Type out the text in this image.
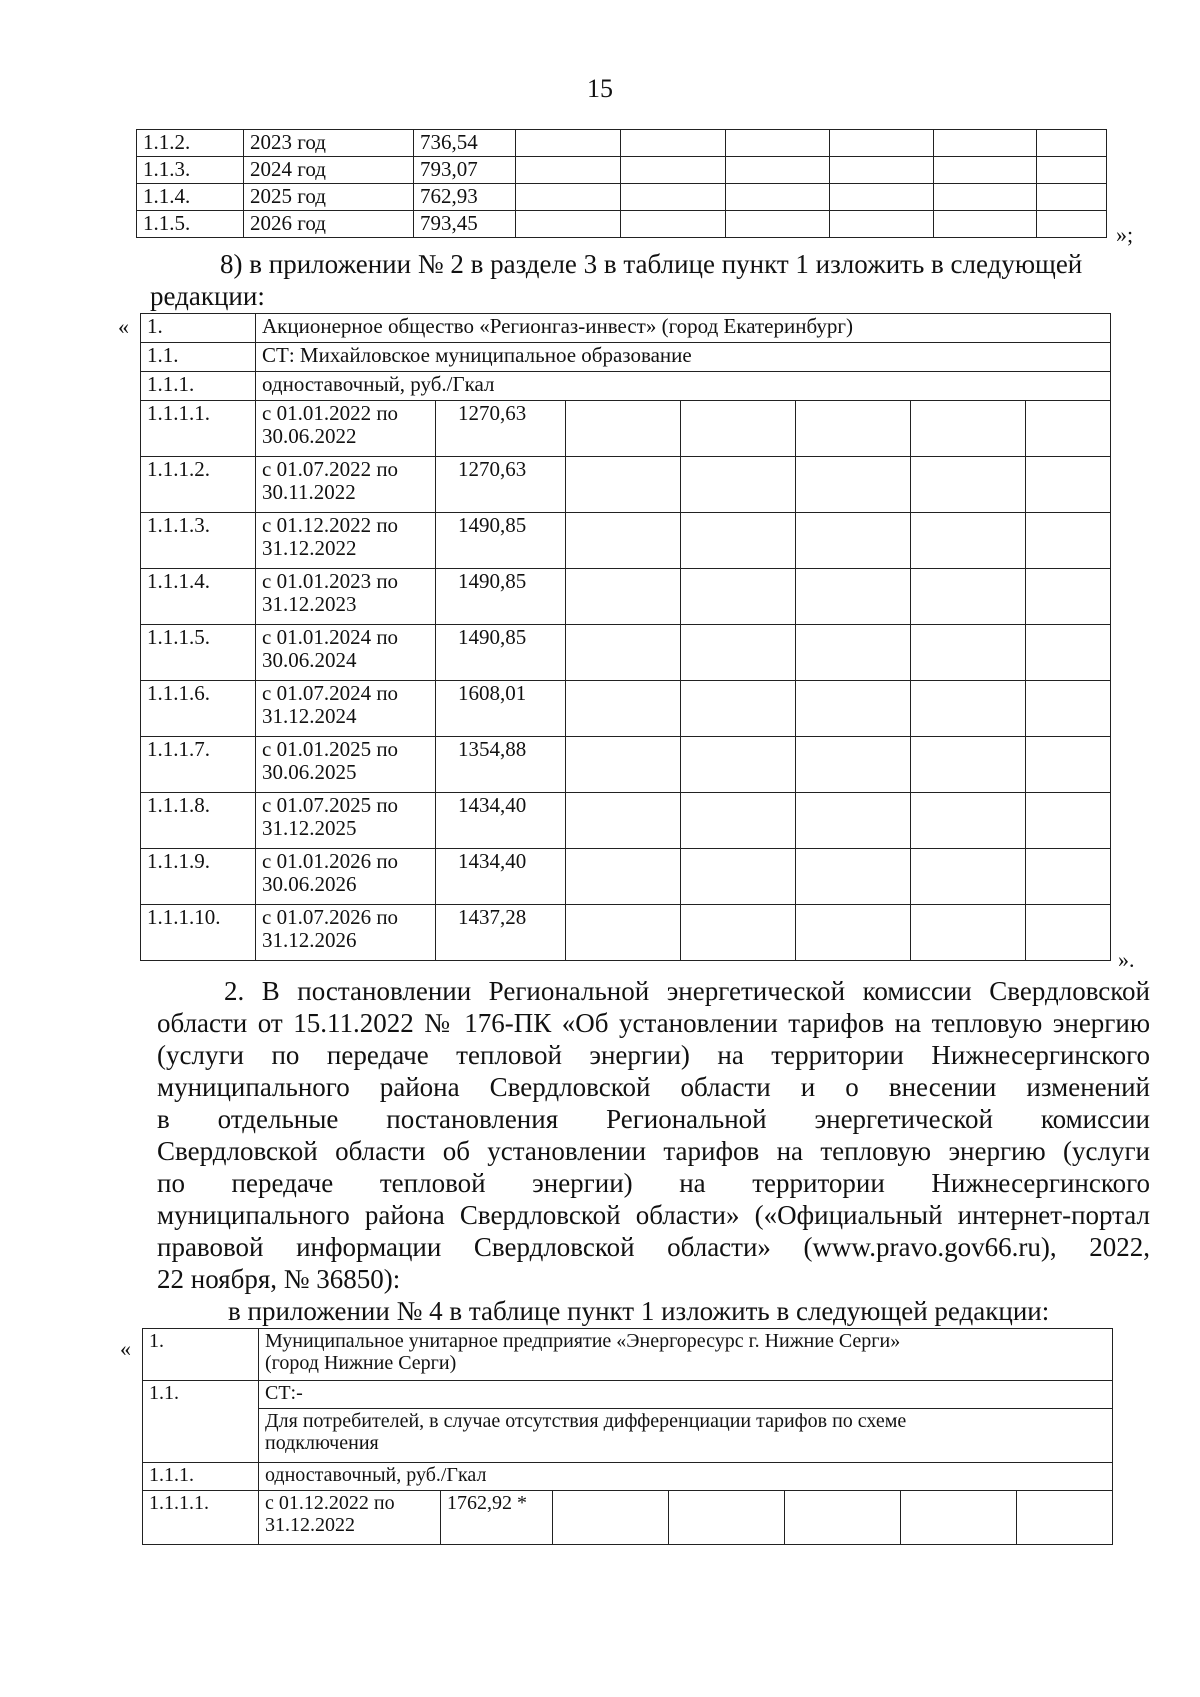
15
1.1.2.	2023 год	736,54						
1.1.3.	2024 год	793,07						
1.1.4.	2025 год	762,93						
1.1.5.	2026 год	793,45							»;

8) в приложении № 2 в разделе 3 в таблице пункт 1 изложить в следующей

редакции:

« 1.	Акционерное общество «Регионгаз-инвест» (город Екатеринбург)						
1.1.	СТ: Михайловское муниципальное образование						
1.1.1.	одноставочный, руб./Гкал						
1.1.1.1.	с 01.01.2022 по
30.06.2022	1270,63					
1.1.1.2.	с 01.07.2022 по
30.11.2022	1270,63					
1.1.1.3.	с 01.12.2022 по
31.12.2022	1490,85					
1.1.1.4.	с 01.01.2023 по
31.12.2023	1490,85					
1.1.1.5.	с 01.01.2024 по
30.06.2024	1490,85					
1.1.1.6.	с 01.07.2024 по
31.12.2024	1608,01					
1.1.1.7.	с 01.01.2025 по
30.06.2025	1354,88					
1.1.1.8.	с 01.07.2025 по
31.12.2025	1434,40					
1.1.1.9.	с 01.01.2026 по
30.06.2026	1434,40					
1.1.1.10.	с 01.07.2026 по
31.12.2026	1437,28					
».

2. В постановлении Региональной энергетической комиссии Свердловской

области от 15.11.2022 № 176-ПК «Об установлении тарифов на тепловую энергию

(услуги по передаче тепловой энергии) на территории Нижнесергинского

муниципального района Свердловской области и о внесении изменений

в отдельные постановления Региональной энергетической комиссии

Свердловской области об установлении тарифов на тепловую энергию (услуги

по передаче тепловой энергии) на территории Нижнесергинского

муниципального района Свердловской области» («Официальный интернет-портал

правовой информации Свердловской области» (www.pravo.gov66.ru), 2022,

22 ноября, № 36850):

в приложении № 4 в таблице пункт 1 изложить в следующей редакции:

« 1.	Муниципальное унитарное предприятие «Энергоресурс г. Нижние Серги»
(город Нижние Серги)						
1.1.	СТ:-						
	Для потребителей, в случае отсутствия дифференциации тарифов по схеме
подключения						
1.1.1.	одноставочный, руб./Гкал						
1.1.1.1.	с 01.12.2022 по
31.12.2022	1762,92 *					
